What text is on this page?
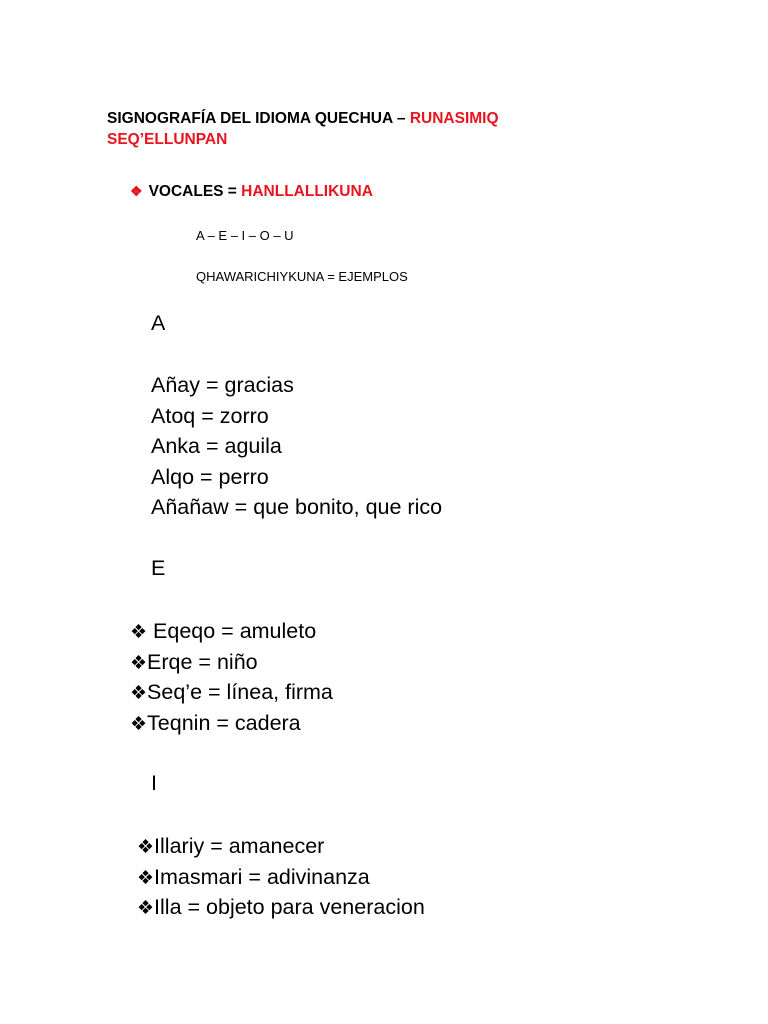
SIGNOGRAFÍA DEL IDIOMA QUECHUA – RUNASIMIQ
SEQ’ELLUNPAN
❖ VOCALES = HANLLALLIKUNA
A – E – I – O – U
QHAWARICHIYKUNA = EJEMPLOS
A
Añay = gracias
Atoq = zorro
Anka = aguila
Alqo = perro
Añañaw = que bonito, que rico
E
❖ Eqeqo = amuleto
❖Erqe = niño
❖Seq’e = línea, firma
❖Teqnin = cadera
I
❖Illariy = amanecer
❖Imasmari = adivinanza
❖Illa = objeto para veneracion
